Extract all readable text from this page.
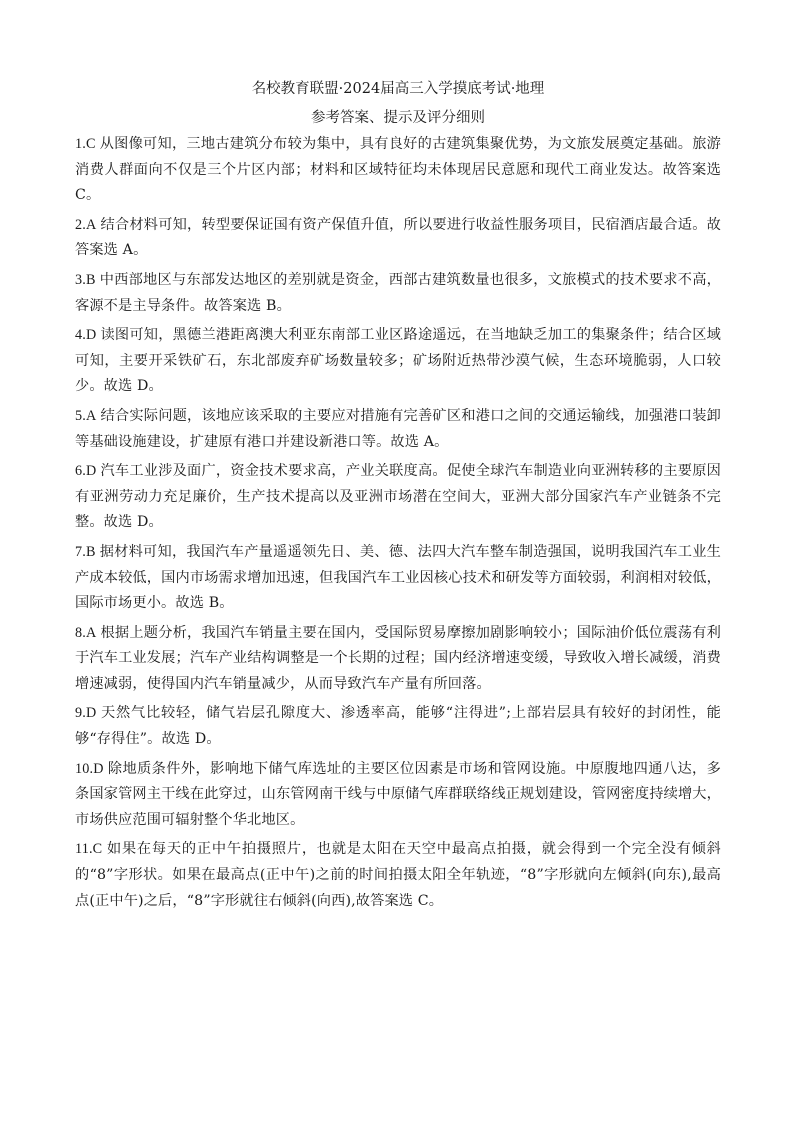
名校教育联盟·2024届高三入学摸底考试·地理
参考答案、提示及评分细则

1.C 从图像可知，三地古建筑分布较为集中，具有良好的古建筑集聚优势，为文旅发展奠定基础。旅游消费人群面向不仅是三个片区内部；材料和区域特征均未体现居民意愿和现代工商业发达。故答案选 C。

2.A 结合材料可知，转型要保证国有资产保值升值，所以要进行收益性服务项目，民宿酒店最合适。故答案选 A。

3.B 中西部地区与东部发达地区的差别就是资金，西部古建筑数量也很多，文旅模式的技术要求不高，客源不是主导条件。故答案选 B。

4.D 读图可知，黑德兰港距离澳大利亚东南部工业区路途遥远，在当地缺乏加工的集聚条件；结合区域可知，主要开采铁矿石，东北部废弃矿场数量较多；矿场附近热带沙漠气候，生态环境脆弱，人口较少。故选 D。

5.A 结合实际问题，该地应该采取的主要应对措施有完善矿区和港口之间的交通运输线，加强港口装卸等基础设施建设，扩建原有港口并建设新港口等。故选 A。

6.D 汽车工业涉及面广，资金技术要求高，产业关联度高。促使全球汽车制造业向亚洲转移的主要原因有亚洲劳动力充足廉价，生产技术提高以及亚洲市场潜在空间大，亚洲大部分国家汽车产业链条不完整。故选 D。

7.B 据材料可知，我国汽车产量遥遥领先日、美、德、法四大汽车整车制造强国，说明我国汽车工业生产成本较低，国内市场需求增加迅速，但我国汽车工业因核心技术和研发等方面较弱，利润相对较低，国际市场更小。故选 B。

8.A 根据上题分析，我国汽车销量主要在国内，受国际贸易摩擦加剧影响较小；国际油价低位震荡有利于汽车工业发展；汽车产业结构调整是一个长期的过程；国内经济增速变缓，导致收入增长减缓，消费增速减弱，使得国内汽车销量减少，从而导致汽车产量有所回落。

9.D 天然气比较轻，储气岩层孔隙度大、渗透率高，能够“注得进”;上部岩层具有较好的封闭性，能够“存得住”。故选 D。

10.D 除地质条件外，影响地下储气库选址的主要区位因素是市场和管网设施。中原腹地四通八达，多条国家管网主干线在此穿过，山东管网南干线与中原储气库群联络线正规划建设，管网密度持续增大，市场供应范围可辐射整个华北地区。

11.C 如果在每天的正中午拍摄照片，也就是太阳在天空中最高点拍摄，就会得到一个完全没有倾斜的“8”字形状。如果在最高点(正中午)之前的时间拍摄太阳全年轨迹，“8”字形就向左倾斜(向东),最高点(正中午)之后，“8”字形就往右倾斜(向西),故答案选 C。
